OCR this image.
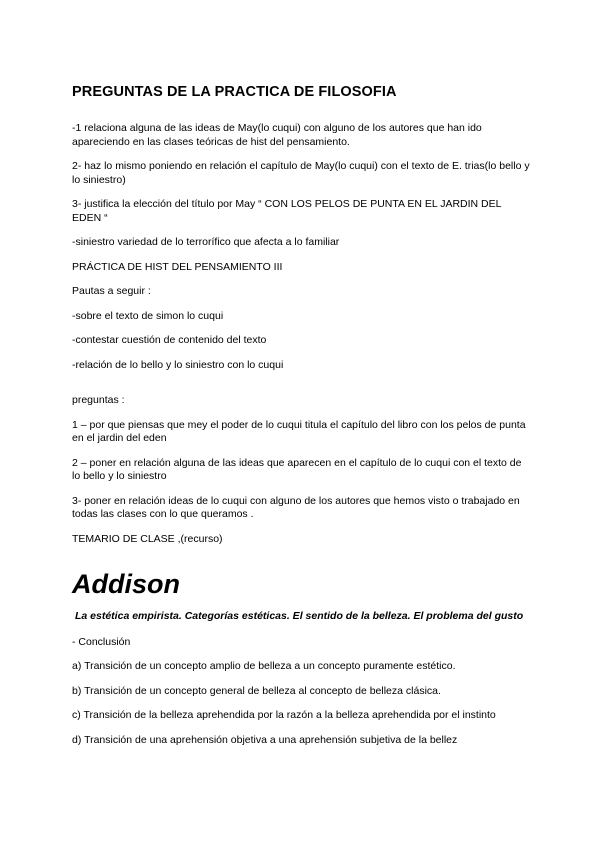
PREGUNTAS DE LA PRACTICA DE FILOSOFIA
-1 relaciona alguna de las ideas de May(lo cuqui) con alguno de los autores que han ido apareciendo en las clases teóricas de hist del pensamiento.
2- haz lo mismo poniendo en relación el capítulo de May(lo cuqui) con el texto de E. trias(lo bello y lo siniestro)
3- justifica la elección del título por May “ CON LOS PELOS DE PUNTA EN EL JARDIN DEL EDEN “
-siniestro variedad de lo terrorífico que afecta a lo familiar
PRÁCTICA DE HIST DEL PENSAMIENTO III
Pautas a seguir :
-sobre el texto de simon lo cuqui
-contestar cuestión de contenido del texto
-relación de lo bello y lo siniestro con lo cuqui
preguntas :
1 – por que piensas que mey el poder de lo cuqui titula el capítulo del libro con los pelos de punta en el jardin del eden
2 – poner en relación alguna de las ideas que aparecen en el capítulo de lo cuqui con el texto de lo bello y lo siniestro
3- poner en relación ideas de lo cuqui con alguno de los autores que hemos visto o trabajado en todas las clases con lo que queramos .
TEMARIO DE CLASE ,(recurso)
Addison
La estética empirista. Categorías estéticas. El sentido de la belleza. El problema del gusto
- Conclusión
a) Transición de un concepto amplio de belleza a un concepto puramente estético.
b) Transición de un concepto general de belleza al concepto de belleza clásica.
c) Transición de la belleza aprehendida por la razón a la belleza aprehendida por el instinto
d) Transición de una aprehensión objetiva a una aprehensión subjetiva de la bellez
